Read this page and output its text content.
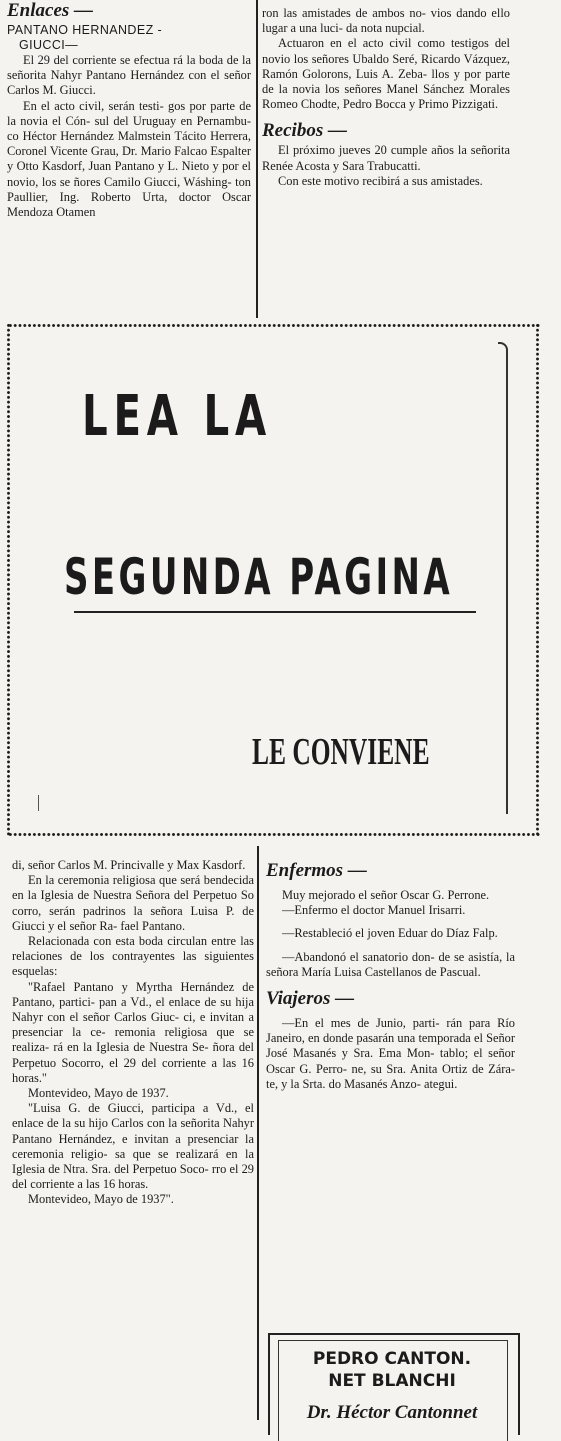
Enlaces —
PANTANO HERNANDEZ -
GIUCCI—

El 29 del corriente se efectua rá la boda de la señorita Nahyr Pantano Hernández con el señor Carlos M. Giucci.

En el acto civil, serán testi- gos por parte de la novia el Cón- sul del Uruguay en Pernambu- co Héctor Hernández Malmstein Tácito Herrera, Coronel Vicente Grau, Dr. Mario Falcao Espalter y Otto Kasdorf, Juan Pantano y L. Nieto y por el novio, los se ñores Camilo Giucci, Wáshing- ton Paullier, Ing. Roberto Urta, doctor Oscar Mendoza Otamen

ron las amistades de ambos no- vios dando ello lugar a una luci- da nota nupcial.

Actuaron en el acto civil como testigos del novio los señores Ubaldo Seré, Ricardo Vázquez, Ramón Golorons, Luis A. Zeba- llos y por parte de la novia los señores Manel Sánchez Morales Romeo Chodte, Pedro Bocca y Primo Pizzigati.

Recibos —

El próximo jueves 20 cumple años la señorita Renée Acosta y Sara Trabucatti.

Con este motivo recibirá a sus amistades.

LEA LA
SEGUNDA PAGINA
LE CONVIENE

di, señor Carlos M. Princivalle y Max Kasdorf.

En la ceremonia religiosa que será bendecida en la Iglesia de Nuestra Señora del Perpetuo So corro, serán padrinos la señora Luisa P. de Giucci y el señor Ra- fael Pantano.

Relacionada con esta boda circulan entre las relaciones de los contrayentes las siguientes esquelas:

"Rafael Pantano y Myrtha Hernández de Pantano, partici- pan a Vd., el enlace de su hija Nahyr con el señor Carlos Giuc- ci, e invitan a presenciar la ce- remonia religiosa que se realiza- rá en la Iglesia de Nuestra Se- ñora del Perpetuo Socorro, el 29 del corriente a las 16 horas."

Montevideo, Mayo de 1937.

"Luisa G. de Giucci, participa a Vd., el enlace de la su hijo Carlos con la señorita Nahyr Pantano Hernández, e invitan a presenciar la ceremonia religio- sa que se realizará en la Iglesia de Ntra. Sra. del Perpetuo Soco- rro el 29 del corriente a las 16 horas.

Montevideo, Mayo de 1937".

Enfermos —

Muy mejorado el señor Oscar G. Perrone.

—Enfermo el doctor Manuel Irisarri.

—Restableció el joven Eduar do Díaz Falp.

—Abandonó el sanatorio don- de se asistía, la señora María Luisa Castellanos de Pascual.

Viajeros —

—En el mes de Junio, parti- rán para Río Janeiro, en donde pasarán una temporada el Señor José Masanés y Sra. Ema Mon- tablo; el señor Oscar G. Perro- ne, su Sra. Anita Ortiz de Zára- te, y la Srta. do Masanés Anzo- ategui.

PEDRO CANTON.
NET BLANCHI
Dr. Héctor Cantonnet
